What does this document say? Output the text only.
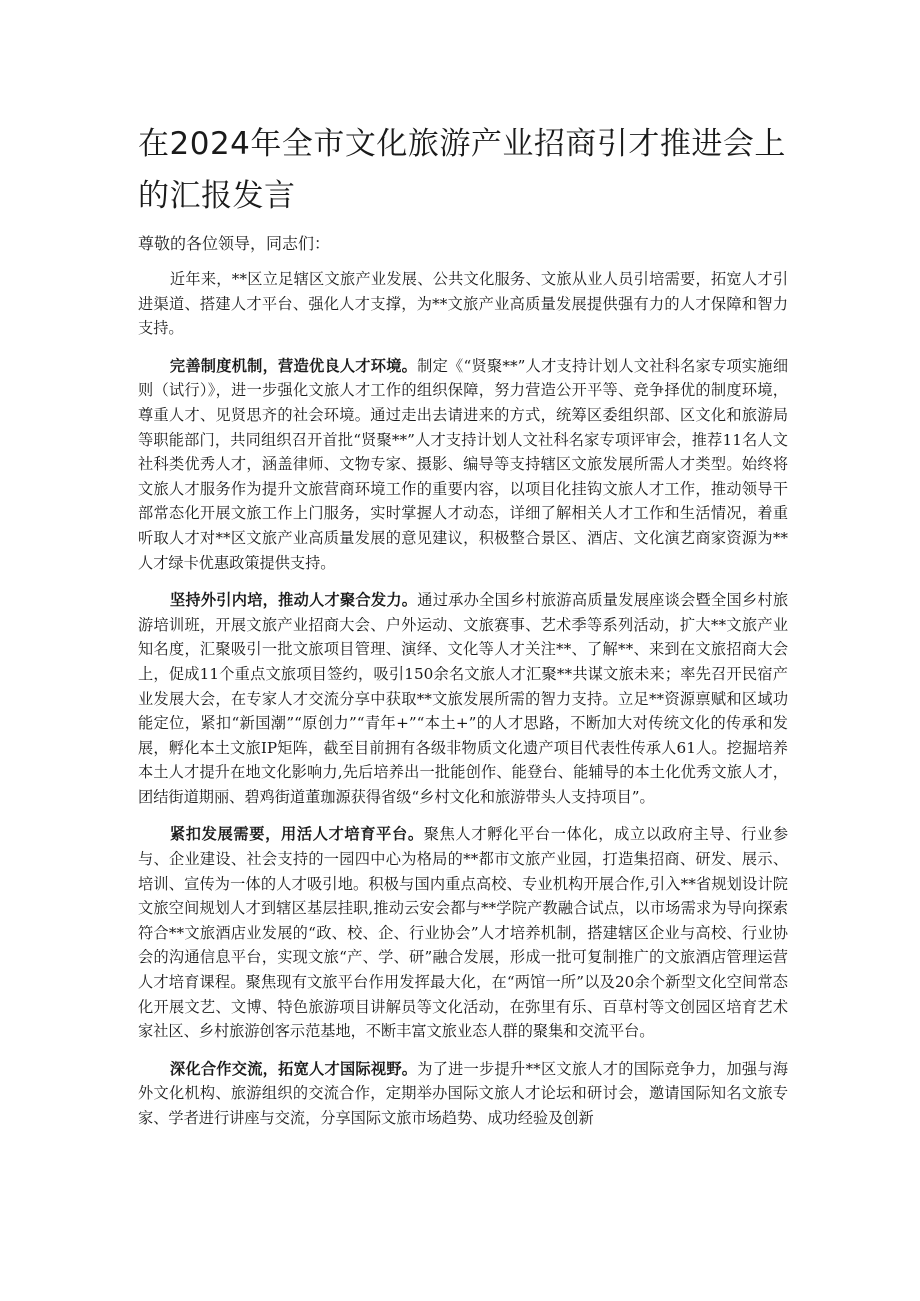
在2024年全市文化旅游产业招商引才推进会上的汇报发言

尊敬的各位领导，同志们：

近年来，**区立足辖区文旅产业发展、公共文化服务、文旅从业人员引培需要，拓宽人才引进渠道、搭建人才平台、强化人才支撑，为**文旅产业高质量发展提供强有力的人才保障和智力支持。

完善制度机制，营造优良人才环境。制定《“贤聚**”人才支持计划人文社科名家专项实施细则（试行）》，进一步强化文旅人才工作的组织保障，努力营造公开平等、竞争择优的制度环境，尊重人才、见贤思齐的社会环境。通过走出去请进来的方式，统筹区委组织部、区文化和旅游局等职能部门，共同组织召开首批“贤聚**”人才支持计划人文社科名家专项评审会，推荐11名人文社科类优秀人才，涵盖律师、文物专家、摄影、编导等支持辖区文旅发展所需人才类型。始终将文旅人才服务作为提升文旅营商环境工作的重要内容，以项目化挂钩文旅人才工作，推动领导干部常态化开展文旅工作上门服务，实时掌握人才动态，详细了解相关人才工作和生活情况，着重听取人才对**区文旅产业高质量发展的意见建议，积极整合景区、酒店、文化演艺商家资源为**人才绿卡优惠政策提供支持。

坚持外引内培，推动人才聚合发力。通过承办全国乡村旅游高质量发展座谈会暨全国乡村旅游培训班，开展文旅产业招商大会、户外运动、文旅赛事、艺术季等系列活动，扩大**文旅产业知名度，汇聚吸引一批文旅项目管理、演绎、文化等人才关注**、了解**、来到在文旅招商大会上，促成11个重点文旅项目签约，吸引150余名文旅人才汇聚**共谋文旅未来；率先召开民宿产业发展大会，在专家人才交流分享中获取**文旅发展所需的智力支持。立足**资源禀赋和区域功能定位，紧扣“新国潮”“原创力”“青年+”“本土+”的人才思路，不断加大对传统文化的传承和发展，孵化本土文旅IP矩阵，截至目前拥有各级非物质文化遗产项目代表性传承人61人。挖掘培养本土人才提升在地文化影响力,先后培养出一批能创作、能登台、能辅导的本土化优秀文旅人才，团结街道期丽、碧鸡街道董珈源获得省级“乡村文化和旅游带头人支持项目”。

紧扣发展需要，用活人才培育平台。聚焦人才孵化平台一体化，成立以政府主导、行业参与、企业建设、社会支持的一园四中心为格局的**都市文旅产业园，打造集招商、研发、展示、培训、宣传为一体的人才吸引地。积极与国内重点高校、专业机构开展合作,引入**省规划设计院文旅空间规划人才到辖区基层挂职,推动云安会都与**学院产教融合试点，以市场需求为导向探索符合**文旅酒店业发展的“政、校、企、行业协会”人才培养机制，搭建辖区企业与高校、行业协会的沟通信息平台，实现文旅“产、学、研”融合发展，形成一批可复制推广的文旅酒店管理运营人才培育课程。聚焦现有文旅平台作用发挥最大化，在“两馆一所”以及20余个新型文化空间常态化开展文艺、文博、特色旅游项目讲解员等文化活动，在弥里有乐、百草村等文创园区培育艺术家社区、乡村旅游创客示范基地，不断丰富文旅业态人群的聚集和交流平台。

深化合作交流，拓宽人才国际视野。为了进一步提升**区文旅人才的国际竞争力，加强与海外文化机构、旅游组织的交流合作，定期举办国际文旅人才论坛和研讨会，邀请国际知名文旅专家、学者进行讲座与交流，分享国际文旅市场趋势、成功经验及创新
